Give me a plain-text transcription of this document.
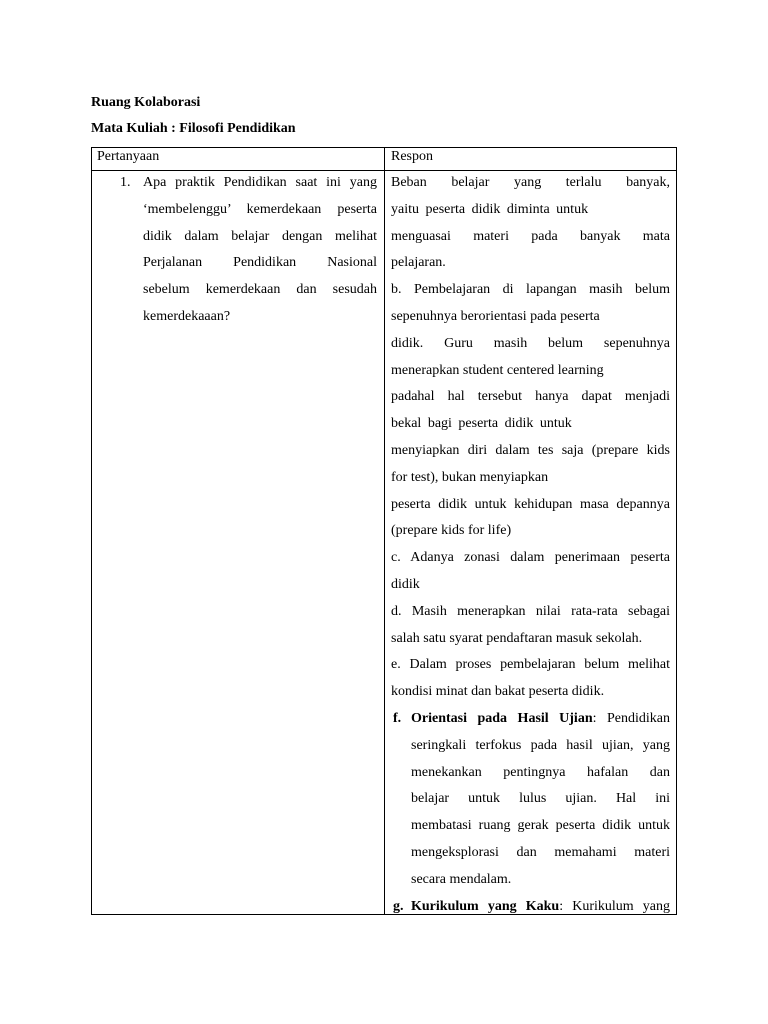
Ruang Kolaborasi
Mata Kuliah : Filosofi Pendidikan
Pertanyaan	Respon
1. Apa praktik Pendidikan saat ini yang
‘membelenggu’ kemerdekaan peserta
didik dalam belajar dengan melihat
Perjalanan Pendidikan Nasional
sebelum kemerdekaan dan sesudah
kemerdekaaan?
Beban belajar yang terlalu banyak,
yaitu peserta didik diminta untuk
menguasai materi pada banyak mata
pelajaran.
b. Pembelajaran di lapangan masih belum
sepenuhnya berorientasi pada peserta
didik. Guru masih belum sepenuhnya
menerapkan student centered learning
padahal hal tersebut hanya dapat menjadi
bekal bagi peserta didik untuk
menyiapkan diri dalam tes saja (prepare kids
for test), bukan menyiapkan
peserta didik untuk kehidupan masa depannya
(prepare kids for life)
c. Adanya zonasi dalam penerimaan peserta
didik
d. Masih menerapkan nilai rata-rata sebagai
salah satu syarat pendaftaran masuk sekolah.
e. Dalam proses pembelajaran belum melihat
kondisi minat dan bakat peserta didik.
f. Orientasi pada Hasil Ujian: Pendidikan
seringkali terfokus pada hasil ujian, yang
menekankan pentingnya hafalan dan
belajar untuk lulus ujian. Hal ini
membatasi ruang gerak peserta didik untuk
mengeksplorasi dan memahami materi
secara mendalam.
g. Kurikulum yang Kaku: Kurikulum yang
